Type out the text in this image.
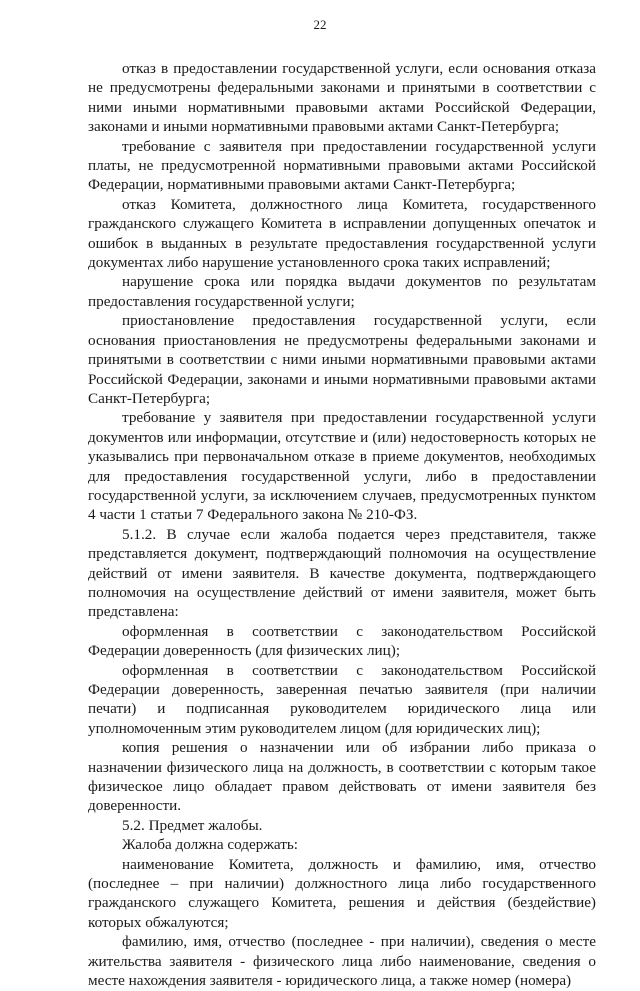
22

отказ в предоставлении государственной услуги, если основания отказа не предусмотрены федеральными законами и принятыми в соответствии с ними иными нормативными правовыми актами Российской Федерации, законами и иными нормативными правовыми актами Санкт-Петербурга;

требование с заявителя при предоставлении государственной услуги платы, не предусмотренной нормативными правовыми актами Российской Федерации, нормативными правовыми актами Санкт-Петербурга;

отказ Комитета, должностного лица Комитета, государственного гражданского служащего Комитета в исправлении допущенных опечаток и ошибок в выданных в результате предоставления государственной услуги документах либо нарушение установленного срока таких исправлений;

нарушение срока или порядка выдачи документов по результатам предоставления государственной услуги;

приостановление предоставления государственной услуги, если основания приостановления не предусмотрены федеральными законами и принятыми в соответствии с ними иными нормативными правовыми актами Российской Федерации, законами и иными нормативными правовыми актами Санкт-Петербурга;

требование у заявителя при предоставлении государственной услуги документов или информации, отсутствие и (или) недостоверность которых не указывались при первоначальном отказе в приеме документов, необходимых для предоставления государственной услуги, либо в предоставлении государственной услуги, за исключением случаев, предусмотренных пунктом 4 части 1 статьи 7 Федерального закона № 210-ФЗ.

5.1.2. В случае если жалоба подается через представителя, также представляется документ, подтверждающий полномочия на осуществление действий от имени заявителя. В качестве документа, подтверждающего полномочия на осуществление действий от имени заявителя, может быть представлена:

оформленная в соответствии с законодательством Российской Федерации доверенность (для физических лиц);

оформленная в соответствии с законодательством Российской Федерации доверенность, заверенная печатью заявителя (при наличии печати) и подписанная руководителем юридического лица или уполномоченным этим руководителем лицом (для юридических лиц);

копия решения о назначении или об избрании либо приказа о назначении физического лица на должность, в соответствии с которым такое физическое лицо обладает правом действовать от имени заявителя без доверенности.

5.2. Предмет жалобы.

Жалоба должна содержать:

наименование Комитета, должность и фамилию, имя, отчество (последнее – при наличии) должностного лица либо государственного гражданского служащего Комитета, решения и действия (бездействие) которых обжалуются;

фамилию, имя, отчество (последнее - при наличии), сведения о месте жительства заявителя - физического лица либо наименование, сведения о месте нахождения заявителя - юридического лица, а также номер (номера)
